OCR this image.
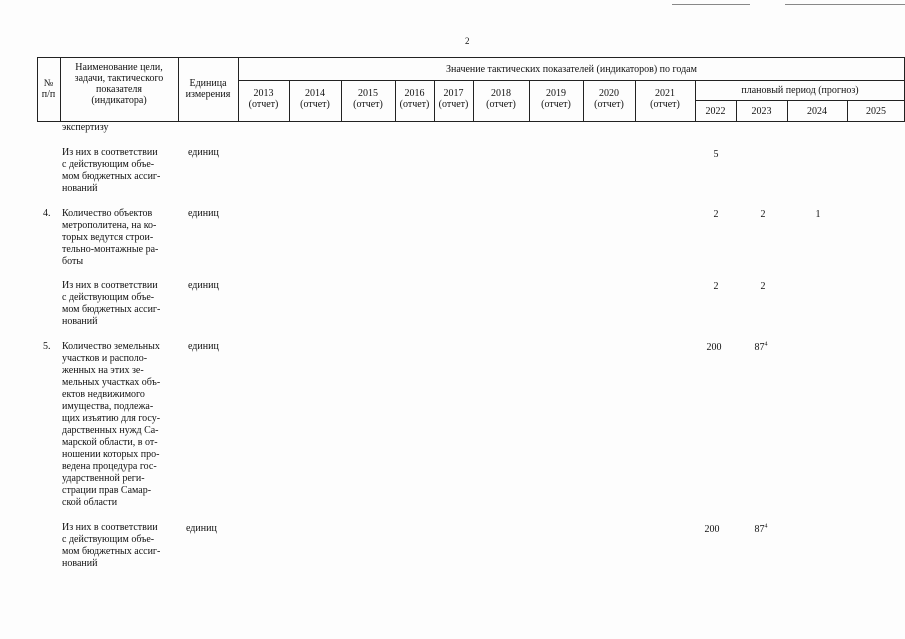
2
№
п/п
Наименование цели,
задачи, тактического
показателя
(индикатора)
Единица
измерения
Значение тактических показателей (индикаторов) по годам
плановый период (прогноз)
2013
(отчет)
2014
(отчет)
2015
(отчет)
2016
(отчет)
2017
(отчет)
2018
(отчет)
2019
(отчет)
2020
(отчет)
2021
(отчет)
2022	2023	2024	2025
экспертизу
Из них в соответствии
с действующим объе-
мом бюджетных ассиг-
нований
единиц	5
4. Количество объектов
метрополитена, на ко-
торых ведутся строи-
тельно-монтажные ра-
боты
единиц	2	2	1
Из них в соответствии
с действующим объе-
мом бюджетных ассиг-
нований
единиц	2	2
5. Количество земельных
участков и располо-
женных на этих зе-
мельных участках объ-
ектов недвижимого
имущества, подлежа-
щих изъятию для госу-
дарственных нужд Са-
марской области, в от-
ношении которых про-
ведена процедура гос-
ударственной реги-
страции прав Самар-
ской области
единиц	200	$87^4$
Из них в соответствии
с действующим объе-
мом бюджетных ассиг-
нований
единиц	200	$87^4$
